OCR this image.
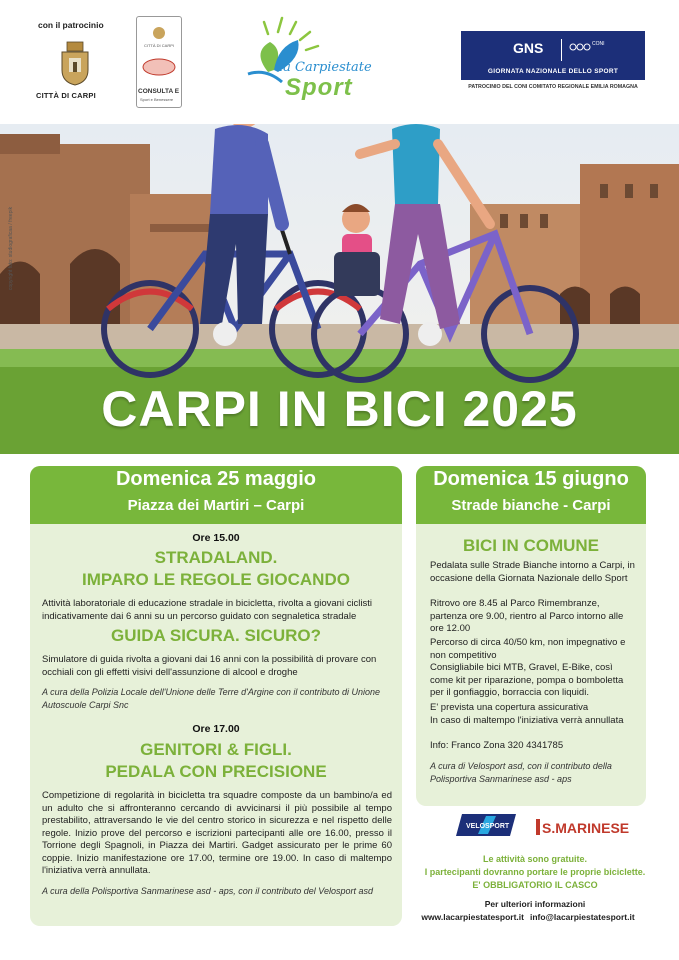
con il patrocinio
CITTÀ DI CARPI
CITTÀ DI CARPI
CONSULTA E
Sport e Benessere
la Carpiestate
Sport
GNS	CONI
GIORNATA NAZIONALE DELLO SPORT
PATROCINIO DEL CONI COMITATO REGIONALE EMILIA ROMAGNA
copyright foto: studiograficaa / freepik
CARPI IN BICI 2025
Domenica 25 maggio
Piazza dei Martiri – Carpi
Ore 15.00
STRADALAND.
IMPARO LE REGOLE GIOCANDO
Attività laboratoriale di educazione stradale in bicicletta, rivolta a giovani ciclisti indicativamente dai 6 anni su un percorso guidato con segnaletica stradale
GUIDA SICURA. SICURO?
Simulatore di guida rivolta a giovani dai 16 anni con la possibilità di provare con occhiali con gli effetti visivi dell'assunzione di alcool e droghe
A cura della Polizia Locale dell'Unione delle Terre d'Argine con il contributo di Unione Autoscuole Carpi Snc
Ore 17.00
GENITORI & FIGLI.
PEDALA CON PRECISIONE
Competizione di regolarità in bicicletta tra squadre composte da un bambino/a ed un adulto che si affronteranno cercando di avvicinarsi il più possibile al tempo prestabilito, attraversando le vie del centro storico in sicurezza e nel rispetto delle regole. Inizio prove del percorso e iscrizioni partecipanti alle ore 16.00, presso il Torrione degli Spagnoli, in Piazza dei Martiri. Gadget assicurato per le prime 60 coppie. Inizio manifestazione ore 17.00, termine ore 19.00. In caso di maltempo l'iniziativa verrà annullata.
A cura della Polisportiva Sanmarinese asd - aps, con il contributo del Velosport asd
Domenica 15 giugno
Strade bianche - Carpi
BICI IN COMUNE
Pedalata sulle Strade Bianche intorno a Carpi, in occasione della Giornata Nazionale dello Sport
Ritrovo ore 8.45 al Parco Rimembranze, partenza ore 9.00, rientro al Parco intorno alle ore 12.00
Percorso di circa 40/50 km, non impegnativo e non competitivo
Consigliabile bici MTB, Gravel, E-Bike, così come kit per riparazione, pompa o bomboletta per il gonfiaggio, borraccia con liquidi.
E' prevista una copertura assicurativa
In caso di maltempo l'iniziativa verrà annullata
Info: Franco Zona 320 4341785
A cura di Velosport asd, con il contributo della Polisportiva Sanmarinese asd - aps
VELOSPORT S.MARINESE
Le attività sono gratuite.
I partecipanti dovranno portare le proprie biciclette.
E' OBBLIGATORIO IL CASCO
Per ulteriori informazioni
www.lacarpiestatesport.it info@lacarpiestatesport.it
